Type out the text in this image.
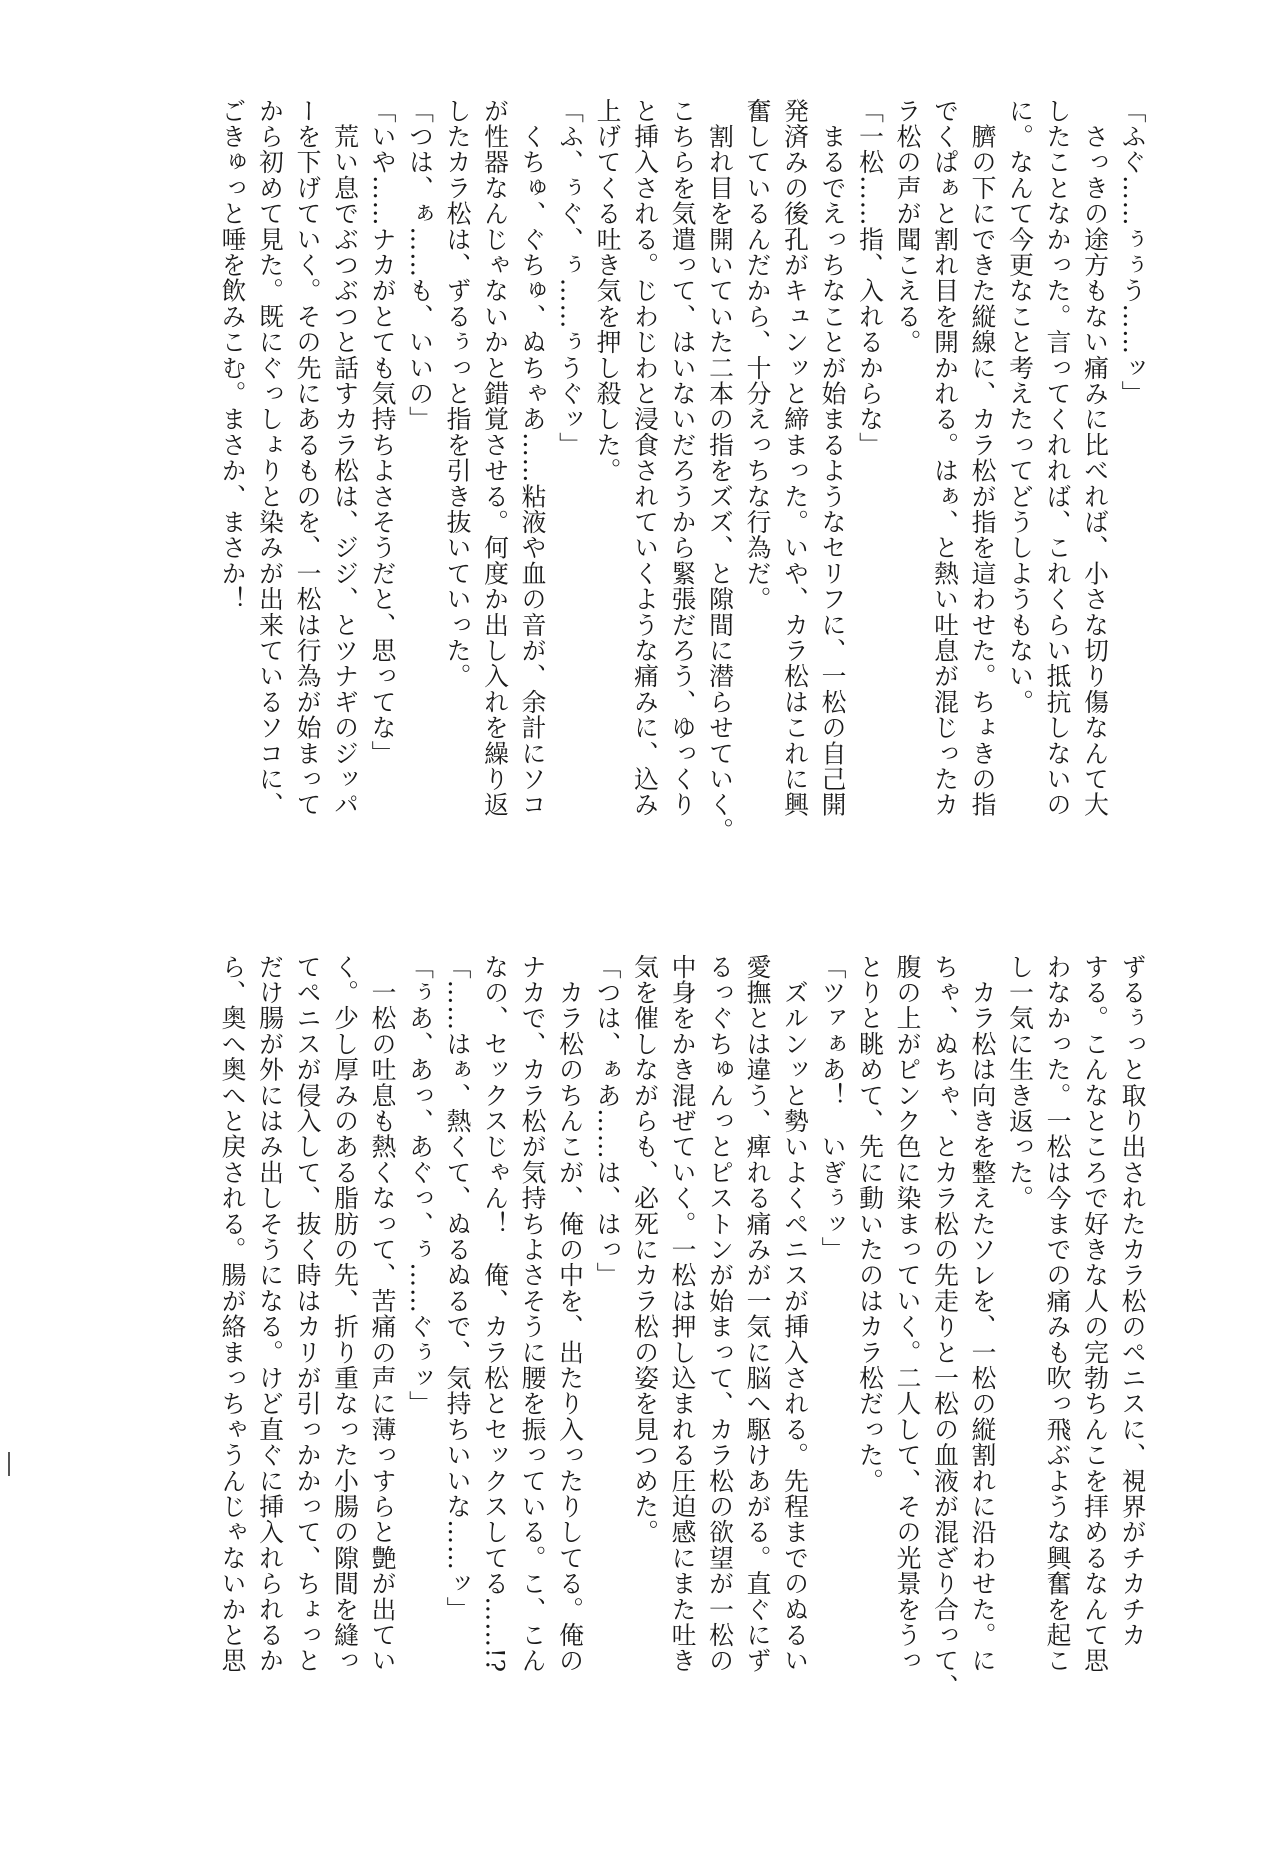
「ふぐ……ぅぅう……ッ」
　さっきの途方もない痛みに比べれば、小さな切り傷なんて大
したことなかった。言ってくれれば、これくらい抵抗しないの
に。なんて今更なこと考えたってどうしようもない。
　臍の下にできた縦線に、カラ松が指を這わせた。ちょきの指
でくぱぁと割れ目を開かれる。はぁ、と熱い吐息が混じったカ
ラ松の声が聞こえる。
「一松……指、入れるからな」
　まるでえっちなことが始まるようなセリフに、一松の自己開
発済みの後孔がキュンッと締まった。いや、カラ松はこれに興
奮しているんだから、十分えっちな行為だ。
　割れ目を開いていた二本の指をズズ、と隙間に潜らせていく。
こちらを気遣って、はいないだろうから緊張だろう、ゆっくり
と挿入される。じわじわと浸食されていくような痛みに、込み
上げてくる吐き気を押し殺した。
「ふ、ぅぐ、ぅ……ぅうぐッ」
　くちゅ、ぐちゅ、ぬちゃあ……粘液や血の音が、余計にソコ
が性器なんじゃないかと錯覚させる。何度か出し入れを繰り返
したカラ松は、ずるぅっと指を引き抜いていった。
「つは、ぁ……も、いいの」
「いや……ナカがとても気持ちよさそうだと、思ってな」
　荒い息でぶつぶつと話すカラ松は、ジジ、とツナギのジッパ
ーを下げていく。その先にあるものを、一松は行為が始まって
から初めて見た。既にぐっしょりと染みが出来ているソコに、
ごきゅっと唾を飲みこむ。まさか、まさか！
ずるぅっと取り出されたカラ松のペニスに、視界がチカチカ
する。こんなところで好きな人の完勃ちんこを拝めるなんて思
わなかった。一松は今までの痛みも吹っ飛ぶような興奮を起こ
し一気に生き返った。
　カラ松は向きを整えたソレを、一松の縦割れに沿わせた。に
ちゃ、ぬちゃ、とカラ松の先走りと一松の血液が混ざり合って、
腹の上がピンク色に染まっていく。二人して、その光景をうっ
とりと眺めて、先に動いたのはカラ松だった。
「ツァぁあ！　いぎぅッ」
　ズルンッと勢いよくペニスが挿入される。先程までのぬるい
愛撫とは違う、痺れる痛みが一気に脳へ駆けあがる。直ぐにず
るっぐちゅんっとピストンが始まって、カラ松の欲望が一松の
中身をかき混ぜていく。一松は押し込まれる圧迫感にまた吐き
気を催しながらも、必死にカラ松の姿を見つめた。
「つは、ぁあ……は、はっ」
　カラ松のちんこが、俺の中を、出たり入ったりしてる。俺の
ナカで、カラ松が気持ちよさそうに腰を振っている。こ、こん
なの、セックスじゃん！　俺、カラ松とセックスしてる……!?
「……はぁ、熱くて、ぬるぬるで、気持ちいいな……ッ」
「ぅあ、あっ、あぐっ、ぅ……ぐぅッ」
　一松の吐息も熱くなって、苦痛の声に薄っすらと艶が出てい
く。少し厚みのある脂肪の先、折り重なった小腸の隙間を縫っ
てペニスが侵入して、抜く時はカリが引っかかって、ちょっと
だけ腸が外にはみ出しそうになる。けど直ぐに挿入れられるか
ら、奥へ奥へと戻される。腸が絡まっちゃうんじゃないかと思
